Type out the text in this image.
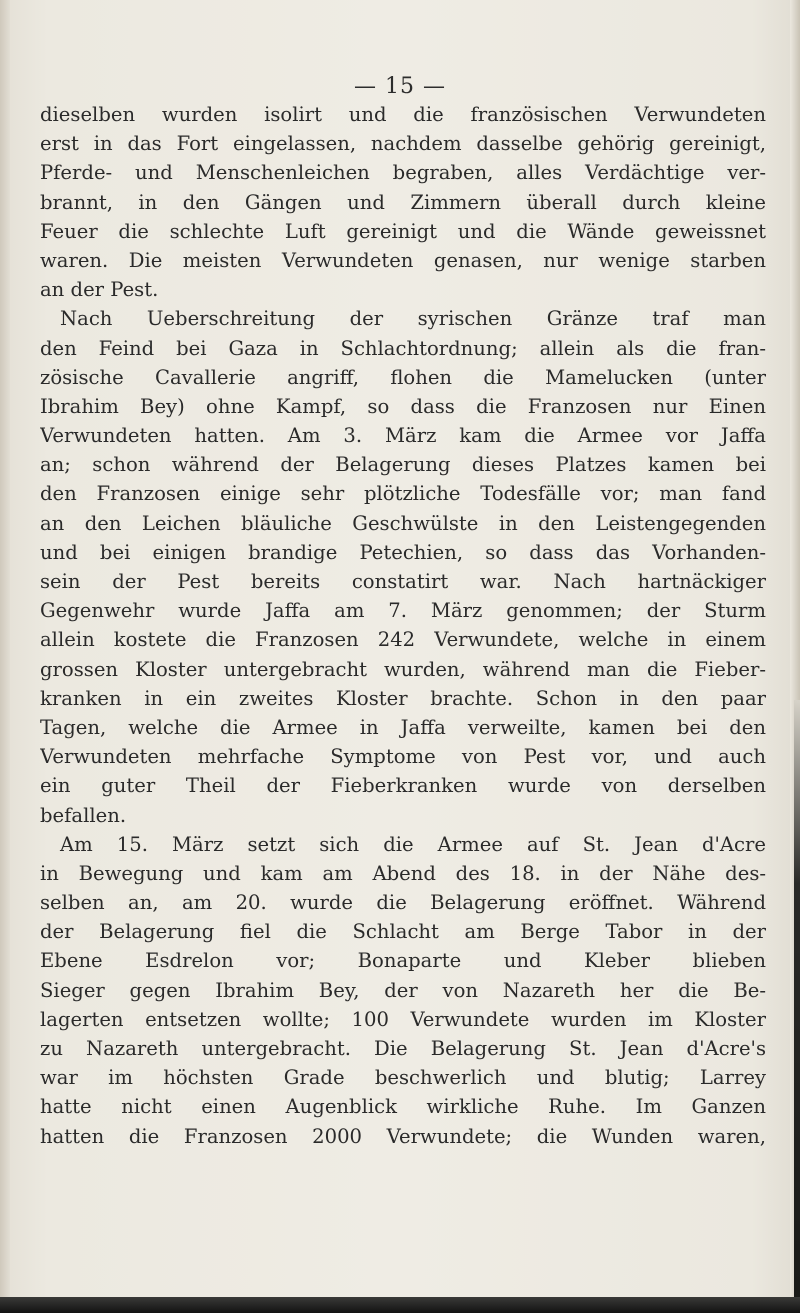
— 15 —
dieselben wurden isolirt und die französischen Verwundeten
erst in das Fort eingelassen, nachdem dasselbe gehörig gereinigt,
Pferde- und Menschenleichen begraben, alles Verdächtige ver-
brannt, in den Gängen und Zimmern überall durch kleine
Feuer die schlechte Luft gereinigt und die Wände geweissnet
waren. Die meisten Verwundeten genasen, nur wenige starben
an der Pest.
Nach Ueberschreitung der syrischen Gränze traf man
den Feind bei Gaza in Schlachtordnung; allein als die fran-
zösische Cavallerie angriff, flohen die Mamelucken (unter
Ibrahim Bey) ohne Kampf, so dass die Franzosen nur Einen
Verwundeten hatten. Am 3. März kam die Armee vor Jaffa
an; schon während der Belagerung dieses Platzes kamen bei
den Franzosen einige sehr plötzliche Todesfälle vor; man fand
an den Leichen bläuliche Geschwülste in den Leistengegenden
und bei einigen brandige Petechien, so dass das Vorhanden-
sein der Pest bereits constatirt war. Nach hartnäckiger
Gegenwehr wurde Jaffa am 7. März genommen; der Sturm
allein kostete die Franzosen 242 Verwundete, welche in einem
grossen Kloster untergebracht wurden, während man die Fieber-
kranken in ein zweites Kloster brachte. Schon in den paar
Tagen, welche die Armee in Jaffa verweilte, kamen bei den
Verwundeten mehrfache Symptome von Pest vor, und auch
ein guter Theil der Fieberkranken wurde von derselben
befallen.
Am 15. März setzt sich die Armee auf St. Jean d'Acre
in Bewegung und kam am Abend des 18. in der Nähe des-
selben an, am 20. wurde die Belagerung eröffnet. Während
der Belagerung fiel die Schlacht am Berge Tabor in der
Ebene Esdrelon vor; Bonaparte und Kleber blieben
Sieger gegen Ibrahim Bey, der von Nazareth her die Be-
lagerten entsetzen wollte; 100 Verwundete wurden im Kloster
zu Nazareth untergebracht. Die Belagerung St. Jean d'Acre's
war im höchsten Grade beschwerlich und blutig; Larrey
hatte nicht einen Augenblick wirkliche Ruhe. Im Ganzen
hatten die Franzosen 2000 Verwundete; die Wunden waren,
